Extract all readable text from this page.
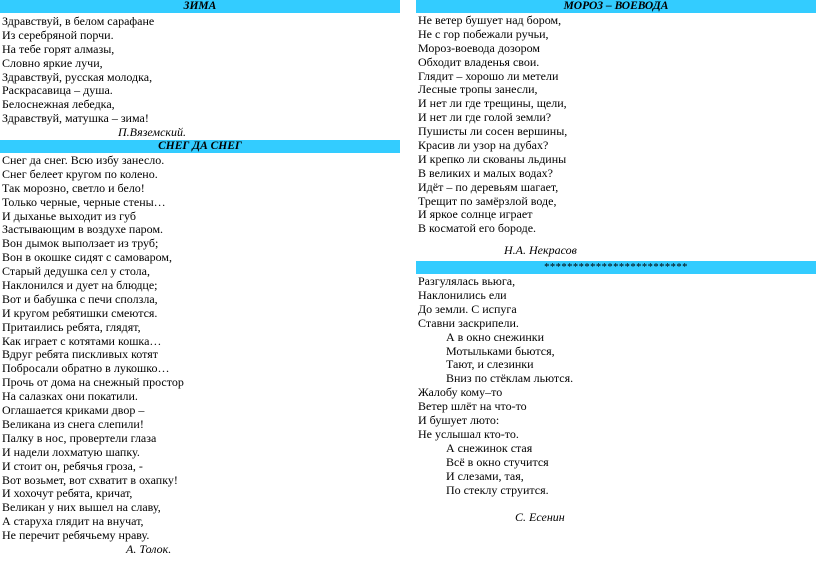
ЗИМА
Здравствуй, в белом сарафане
Из серебряной порчи.
На тебе горят алмазы,
Словно яркие лучи,
Здравствуй, русская молодка,
Раскрасавица – душа.
Белоснежная лебедка,
Здравствуй, матушка – зима!
П.Вяземский.
СНЕГ ДА СНЕГ
Снег да снег. Всю избу занесло.
Снег белеет кругом по колено.
Так морозно, светло и бело!
Только черные, черные стены…
И дыханье выходит из губ
Застывающим в воздухе паром.
Вон дымок выползает из труб;
Вон в окошке сидят с самоваром,
Старый дедушка сел у стола,
Наклонился и дует на блюдце;
Вот и бабушка с печи сползла,
И кругом ребятишки смеются.
Притаились ребята, глядят,
Как играет с котятами кошка…
Вдруг ребята пискливых котят
Побросали обратно в лукошко…
Прочь от дома на снежный простор
На салазках они покатили.
Оглашается криками двор –
Великана из снега слепили!
Палку в нос, провертели глаза
И надели лохматую шапку.
И стоит он, ребячья гроза, -
Вот возьмет, вот схватит в охапку!
И хохочут ребята, кричат,
Великан у них вышел на славу,
А старуха глядит на внучат,
Не перечит ребячьему нраву.
А. Толок.
МОРОЗ – ВОЕВОДА
Не ветер бушует над бором,
Не с гор побежали ручьи,
Мороз-воевода дозором
Обходит владенья свои.
Глядит – хорошо ли метели
Лесные тропы занесли,
И нет ли где трещины, щели,
И нет ли где голой земли?
Пушисты ли сосен вершины,
Красив ли узор на дубах?
И крепко ли скованы льдины
В великих и малых водах?
Идёт – по деревьям шагает,
Трещит по замёрзлой воде,
И яркое солнце играет
В косматой его бороде.
Н.А. Некрасов
*************************
Разгулялась вьюга,
Наклонились ели
До земли. С испуга
Ставни заскрипели.
А в окно снежинки
Мотыльками бьются,
Тают, и слезинки
Вниз по стёклам льются.
Жалобу кому–то
Ветер шлёт на что-то
И бушует люто:
Не услышал кто-то.
А снежинок стая
Всё в окно стучится
И слезами, тая,
По стеклу струится.
С. Есенин
